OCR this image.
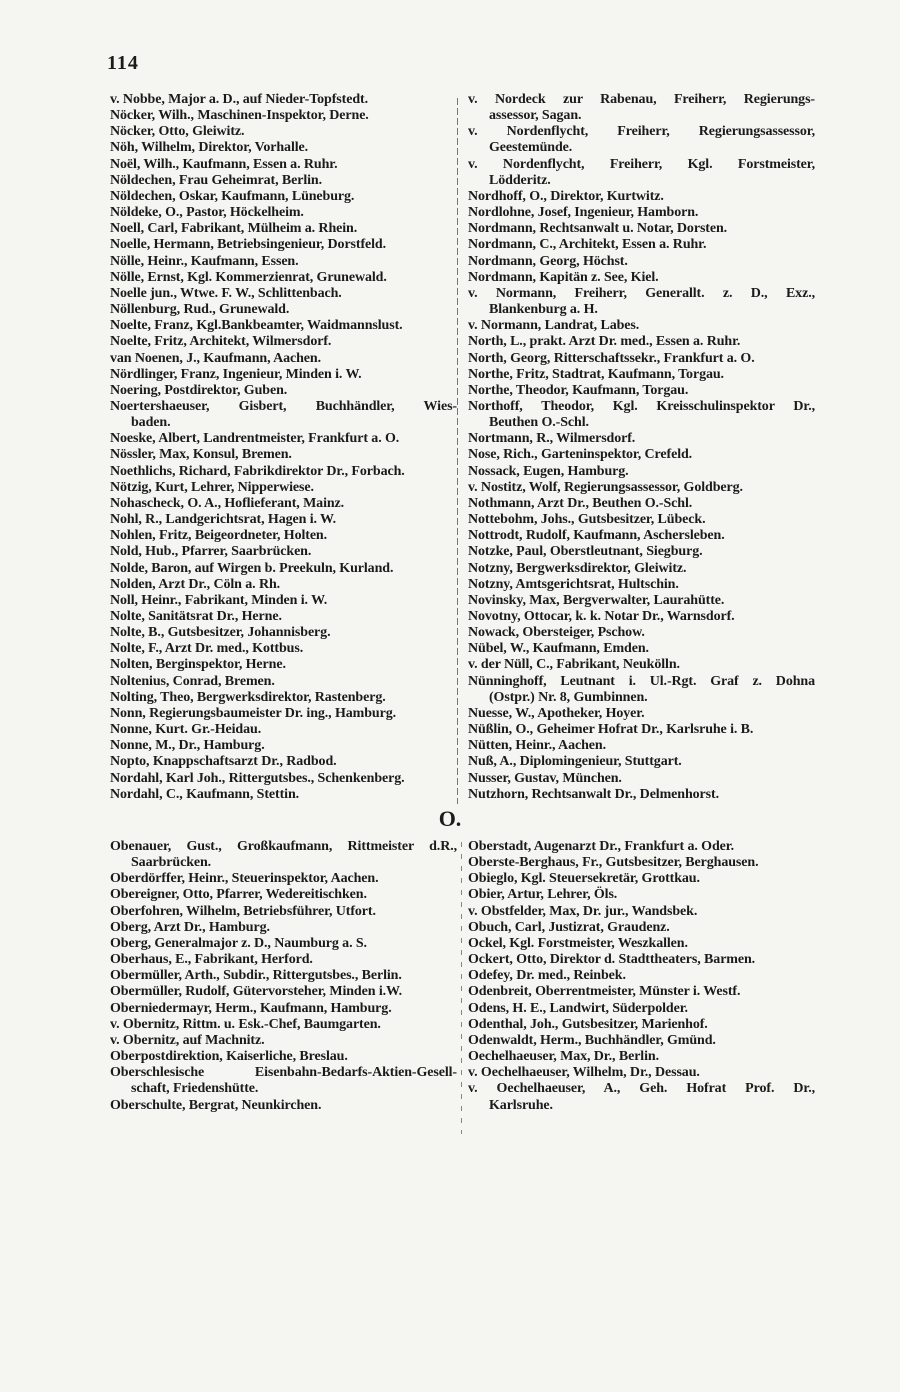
114
v. Nobbe, Major a. D., auf Nieder-Topfstedt.
Nöcker, Wilh., Maschinen-Inspektor, Derne.
Nöcker, Otto, Gleiwitz.
Nöh, Wilhelm, Direktor, Vorhalle.
Noël, Wilh., Kaufmann, Essen a. Ruhr.
Nöldechen, Frau Geheimrat, Berlin.
Nöldechen, Oskar, Kaufmann, Lüneburg.
Nöldeke, O., Pastor, Höckelheim.
Noell, Carl, Fabrikant, Mülheim a. Rhein.
Noelle, Hermann, Betriebsingenieur, Dorstfeld.
Nölle, Heinr., Kaufmann, Essen.
Nölle, Ernst, Kgl. Kommerzienrat, Grunewald.
Noelle jun., Wtwe. F. W., Schlittenbach.
Nöllenburg, Rud., Grunewald.
Noelte, Franz, Kgl.Bankbeamter, Waidmannslust.
Noelte, Fritz, Architekt, Wilmersdorf.
van Noenen, J., Kaufmann, Aachen.
Nördlinger, Franz, Ingenieur, Minden i. W.
Noering, Postdirektor, Guben.
Noertershaeuser, Gisbert, Buchhändler, Wies-
baden.
Noeske, Albert, Landrentmeister, Frankfurt a. O.
Nössler, Max, Konsul, Bremen.
Noethlichs, Richard, Fabrikdirektor Dr., Forbach.
Nötzig, Kurt, Lehrer, Nipperwiese.
Nohascheck, O. A., Hoflieferant, Mainz.
Nohl, R., Landgerichtsrat, Hagen i. W.
Nohlen, Fritz, Beigeordneter, Holten.
Nold, Hub., Pfarrer, Saarbrücken.
Nolde, Baron, auf Wirgen b. Preekuln, Kurland.
Nolden, Arzt Dr., Cöln a. Rh.
Noll, Heinr., Fabrikant, Minden i. W.
Nolte, Sanitätsrat Dr., Herne.
Nolte, B., Gutsbesitzer, Johannisberg.
Nolte, F., Arzt Dr. med., Kottbus.
Nolten, Berginspektor, Herne.
Noltenius, Conrad, Bremen.
Nolting, Theo, Bergwerksdirektor, Rastenberg.
Nonn, Regierungsbaumeister Dr. ing., Hamburg.
Nonne, Kurt. Gr.-Heidau.
Nonne, M., Dr., Hamburg.
Nopto, Knappschaftsarzt Dr., Radbod.
Nordahl, Karl Joh., Rittergutsbes., Schenkenberg.
Nordahl, C., Kaufmann, Stettin.
v. Nordeck zur Rabenau, Freiherr, Regierungs-
assessor, Sagan.
v. Nordenflycht, Freiherr, Regierungsassessor,
Geestemünde.
v. Nordenflycht, Freiherr, Kgl. Forstmeister,
Lödderitz.
Nordhoff, O., Direktor, Kurtwitz.
Nordlohne, Josef, Ingenieur, Hamborn.
Nordmann, Rechtsanwalt u. Notar, Dorsten.
Nordmann, C., Architekt, Essen a. Ruhr.
Nordmann, Georg, Höchst.
Nordmann, Kapitän z. See, Kiel.
v. Normann, Freiherr, Generallt. z. D., Exz.,
Blankenburg a. H.
v. Normann, Landrat, Labes.
North, L., prakt. Arzt Dr. med., Essen a. Ruhr.
North, Georg, Ritterschaftssekr., Frankfurt a. O.
Northe, Fritz, Stadtrat, Kaufmann, Torgau.
Northe, Theodor, Kaufmann, Torgau.
Northoff, Theodor, Kgl. Kreisschulinspektor Dr.,
Beuthen O.-Schl.
Nortmann, R., Wilmersdorf.
Nose, Rich., Garteninspektor, Crefeld.
Nossack, Eugen, Hamburg.
v. Nostitz, Wolf, Regierungsassessor, Goldberg.
Nothmann, Arzt Dr., Beuthen O.-Schl.
Nottebohm, Johs., Gutsbesitzer, Lübeck.
Nottrodt, Rudolf, Kaufmann, Aschersleben.
Notzke, Paul, Oberstleutnant, Siegburg.
Notzny, Bergwerksdirektor, Gleiwitz.
Notzny, Amtsgerichtsrat, Hultschin.
Novinsky, Max, Bergverwalter, Laurahütte.
Novotny, Ottocar, k. k. Notar Dr., Warnsdorf.
Nowack, Obersteiger, Pschow.
Nübel, W., Kaufmann, Emden.
v. der Nüll, C., Fabrikant, Neukölln.
Nünninghoff, Leutnant i. Ul.-Rgt. Graf z. Dohna
(Ostpr.) Nr. 8, Gumbinnen.
Nuesse, W., Apotheker, Hoyer.
Nüßlin, O., Geheimer Hofrat Dr., Karlsruhe i. B.
Nütten, Heinr., Aachen.
Nuß, A., Diplomingenieur, Stuttgart.
Nusser, Gustav, München.
Nutzhorn, Rechtsanwalt Dr., Delmenhorst.
O.
Obenauer, Gust., Großkaufmann, Rittmeister d.R.,
Saarbrücken.
Oberdörffer, Heinr., Steuerinspektor, Aachen.
Obereigner, Otto, Pfarrer, Wedereitischken.
Oberfohren, Wilhelm, Betriebsführer, Utfort.
Oberg, Arzt Dr., Hamburg.
Oberg, Generalmajor z. D., Naumburg a. S.
Oberhaus, E., Fabrikant, Herford.
Obermüller, Arth., Subdir., Rittergutsbes., Berlin.
Obermüller, Rudolf, Gütervorsteher, Minden i.W.
Oberniedermayr, Herm., Kaufmann, Hamburg.
v. Obernitz, Rittm. u. Esk.-Chef, Baumgarten.
v. Obernitz, auf Machnitz.
Oberpostdirektion, Kaiserliche, Breslau.
Oberschlesische Eisenbahn-Bedarfs-Aktien-Gesell-
schaft, Friedenshütte.
Oberschulte, Bergrat, Neunkirchen.
Oberstadt, Augenarzt Dr., Frankfurt a. Oder.
Oberste-Berghaus, Fr., Gutsbesitzer, Berghausen.
Obieglo, Kgl. Steuersekretär, Grottkau.
Obier, Artur, Lehrer, Öls.
v. Obstfelder, Max, Dr. jur., Wandsbek.
Obuch, Carl, Justizrat, Graudenz.
Ockel, Kgl. Forstmeister, Weszkallen.
Ockert, Otto, Direktor d. Stadttheaters, Barmen.
Odefey, Dr. med., Reinbek.
Odenbreit, Oberrentmeister, Münster i. Westf.
Odens, H. E., Landwirt, Süderpolder.
Odenthal, Joh., Gutsbesitzer, Marienhof.
Odenwaldt, Herm., Buchhändler, Gmünd.
Oechelhaeuser, Max, Dr., Berlin.
v. Oechelhaeuser, Wilhelm, Dr., Dessau.
v. Oechelhaeuser, A., Geh. Hofrat Prof. Dr.,
Karlsruhe.
